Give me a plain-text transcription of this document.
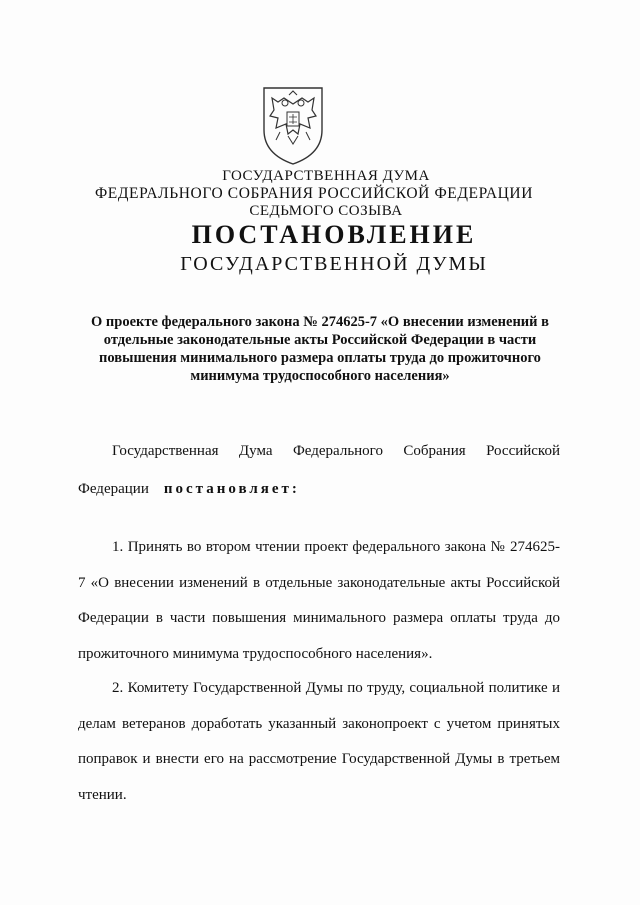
ГОСУДАРСТВЕННАЯ ДУМА
ФЕДЕРАЛЬНОГО СОБРАНИЯ РОССИЙСКОЙ ФЕДЕРАЦИИ
СЕДЬМОГО СОЗЫВА
ПОСТАНОВЛЕНИЕ
ГОСУДАРСТВЕННОЙ ДУМЫ
О проекте федерального закона № 274625-7 «О внесении изменений в отдельные законодательные акты Российской Федерации в части повышения минимального размера оплаты труда до прожиточного минимума трудоспособного населения»
Государственная Дума Федерального Собрания Российской
Федерации постановляет:
1. Принять во втором чтении проект федерального закона № 274625-7 «О внесении изменений в отдельные законодательные акты Российской Федерации в части повышения минимального размера оплаты труда до прожиточного минимума трудоспособного населения».
2. Комитету Государственной Думы по труду, социальной политике и делам ветеранов доработать указанный законопроект с учетом принятых поправок и внести его на рассмотрение Государственной Думы в третьем чтении.
